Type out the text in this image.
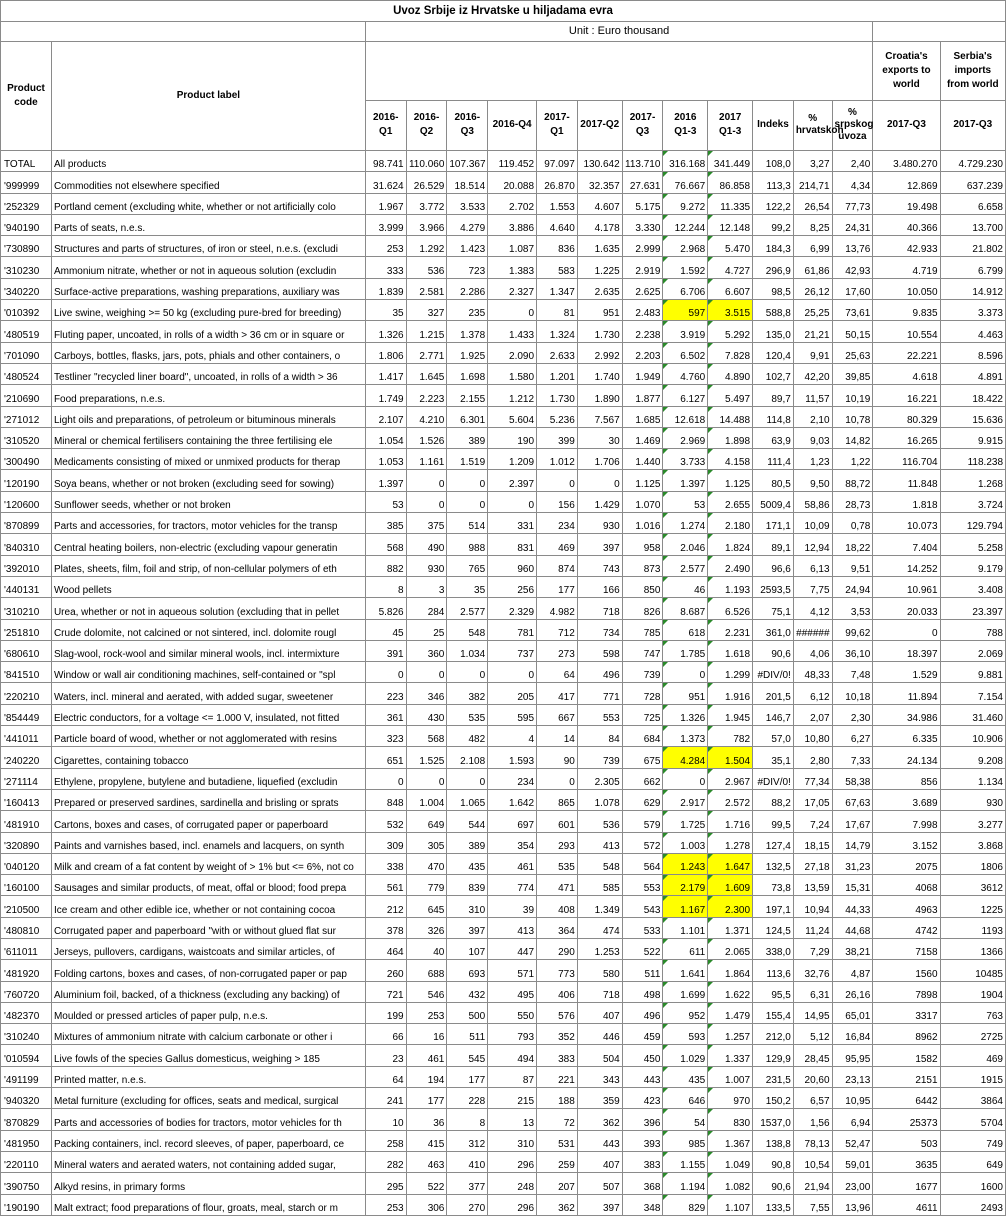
Uvoz Srbije iz Hrvatske u hiljadama evra															
		Unit : Euro thousand													
Product code	Product label													Croatia's exports to world	Serbia's imports from world
		2016-Q1	2016-Q2	2016-Q3	2016-Q4	2017-Q1	2017-Q2	2017-Q3	2016 Q1-3	2017 Q1-3	Indeks	% hrvatskoh	% srpskog uvoza	2017-Q3	2017-Q3
TOTAL	All products	98.741	110.060	107.367	119.452	97.097	130.642	113.710	316.168	341.449	108,0	3,27	2,40	3.480.270	4.729.230
'999999	Commodities not elsewhere specified	31.624	26.529	18.514	20.088	26.870	32.357	27.631	76.667	86.858	113,3	214,71	4,34	12.869	637.239
'252329	Portland cement (excluding white, whether or not artificially colo	1.967	3.772	3.533	2.702	1.553	4.607	5.175	9.272	11.335	122,2	26,54	77,73	19.498	6.658
'940190	Parts of seats, n.e.s.	3.999	3.966	4.279	3.886	4.640	4.178	3.330	12.244	12.148	99,2	8,25	24,31	40.366	13.700
'730890	Structures and parts of structures, of iron or steel, n.e.s. (excludi	253	1.292	1.423	1.087	836	1.635	2.999	2.968	5.470	184,3	6,99	13,76	42.933	21.802
'310230	Ammonium nitrate, whether or not in aqueous solution (excludin	333	536	723	1.383	583	1.225	2.919	1.592	4.727	296,9	61,86	42,93	4.719	6.799
'340220	Surface-active preparations, washing preparations, auxiliary was	1.839	2.581	2.286	2.327	1.347	2.635	2.625	6.706	6.607	98,5	26,12	17,60	10.050	14.912
'010392	Live swine, weighing >= 50 kg (excluding pure-bred for breeding)	35	327	235	0	81	951	2.483	597	3.515	588,8	25,25	73,61	9.835	3.373
'480519	Fluting paper, uncoated, in rolls of a width > 36 cm or in square or	1.326	1.215	1.378	1.433	1.324	1.730	2.238	3.919	5.292	135,0	21,21	50,15	10.554	4.463
'701090	Carboys, bottles, flasks, jars, pots, phials and other containers, o	1.806	2.771	1.925	2.090	2.633	2.992	2.203	6.502	7.828	120,4	9,91	25,63	22.221	8.596
'480524	Testliner "recycled liner board", uncoated, in rolls of a width > 36	1.417	1.645	1.698	1.580	1.201	1.740	1.949	4.760	4.890	102,7	42,20	39,85	4.618	4.891
'210690	Food preparations, n.e.s.	1.749	2.223	2.155	1.212	1.730	1.890	1.877	6.127	5.497	89,7	11,57	10,19	16.221	18.422
'271012	Light oils and preparations, of petroleum or bituminous minerals	2.107	4.210	6.301	5.604	5.236	7.567	1.685	12.618	14.488	114,8	2,10	10,78	80.329	15.636
'310520	Mineral or chemical fertilisers containing the three fertilising ele	1.054	1.526	389	190	399	30	1.469	2.969	1.898	63,9	9,03	14,82	16.265	9.915
'300490	Medicaments consisting of mixed or unmixed products for therap	1.053	1.161	1.519	1.209	1.012	1.706	1.440	3.733	4.158	111,4	1,23	1,22	116.704	118.238
'120190	Soya beans, whether or not broken (excluding seed for sowing)	1.397	0	0	2.397	0	0	1.125	1.397	1.125	80,5	9,50	88,72	11.848	1.268
'120600	Sunflower seeds, whether or not broken	53	0	0	0	156	1.429	1.070	53	2.655	5009,4	58,86	28,73	1.818	3.724
'870899	Parts and accessories, for tractors, motor vehicles for the transp	385	375	514	331	234	930	1.016	1.274	2.180	171,1	10,09	0,78	10.073	129.794
'840310	Central heating boilers, non-electric (excluding vapour generatin	568	490	988	831	469	397	958	2.046	1.824	89,1	12,94	18,22	7.404	5.258
'392010	Plates, sheets, film, foil and strip, of non-cellular polymers of eth	882	930	765	960	874	743	873	2.577	2.490	96,6	6,13	9,51	14.252	9.179
'440131	Wood pellets	8	3	35	256	177	166	850	46	1.193	2593,5	7,75	24,94	10.961	3.408
'310210	Urea, whether or not in aqueous solution (excluding that in pellet	5.826	284	2.577	2.329	4.982	718	826	8.687	6.526	75,1	4,12	3,53	20.033	23.397
'251810	Crude dolomite, not calcined or not sintered, incl. dolomite rougl	45	25	548	781	712	734	785	618	2.231	361,0	######	99,62	0	788
'680610	Slag-wool, rock-wool and similar mineral wools, incl. intermixture	391	360	1.034	737	273	598	747	1.785	1.618	90,6	4,06	36,10	18.397	2.069
'841510	Window or wall air conditioning machines, self-contained or "spl	0	0	0	0	64	496	739	0	1.299	#DIV/0!	48,33	7,48	1.529	9.881
'220210	Waters, incl. mineral and aerated, with added sugar, sweetener	223	346	382	205	417	771	728	951	1.916	201,5	6,12	10,18	11.894	7.154
'854449	Electric conductors, for a voltage <= 1.000 V, insulated, not fitted	361	430	535	595	667	553	725	1.326	1.945	146,7	2,07	2,30	34.986	31.460
'441011	Particle board of wood, whether or not agglomerated with resins	323	568	482	4	14	84	684	1.373	782	57,0	10,80	6,27	6.335	10.906
'240220	Cigarettes, containing tobacco	651	1.525	2.108	1.593	90	739	675	4.284	1.504	35,1	2,80	7,33	24.134	9.208
'271114	Ethylene, propylene, butylene and butadiene, liquefied (excludin	0	0	0	234	0	2.305	662	0	2.967	#DIV/0!	77,34	58,38	856	1.134
'160413	Prepared or preserved sardines, sardinella and brisling or sprats	848	1.004	1.065	1.642	865	1.078	629	2.917	2.572	88,2	17,05	67,63	3.689	930
'481910	Cartons, boxes and cases, of corrugated paper or paperboard	532	649	544	697	601	536	579	1.725	1.716	99,5	7,24	17,67	7.998	3.277
'320890	Paints and varnishes based, incl. enamels and lacquers, on synth	309	305	389	354	293	413	572	1.003	1.278	127,4	18,15	14,79	3.152	3.868
'040120	Milk and cream of a fat content by weight of > 1% but <= 6%, not co	338	470	435	461	535	548	564	1.243	1.647	132,5	27,18	31,23	2075	1806
'160100	Sausages and similar products, of meat, offal or blood; food prepa	561	779	839	774	471	585	553	2.179	1.609	73,8	13,59	15,31	4068	3612
'210500	Ice cream and other edible ice, whether or not containing cocoa	212	645	310	39	408	1.349	543	1.167	2.300	197,1	10,94	44,33	4963	1225
'480810	Corrugated paper and paperboard "with or without glued flat sur	378	326	397	413	364	474	533	1.101	1.371	124,5	11,24	44,68	4742	1193
'611011	Jerseys, pullovers, cardigans, waistcoats and similar articles, of	464	40	107	447	290	1.253	522	611	2.065	338,0	7,29	38,21	7158	1366
'481920	Folding cartons, boxes and cases, of non-corrugated paper or pap	260	688	693	571	773	580	511	1.641	1.864	113,6	32,76	4,87	1560	10485
'760720	Aluminium foil, backed, of a thickness (excluding any backing) of	721	546	432	495	406	718	498	1.699	1.622	95,5	6,31	26,16	7898	1904
'482370	Moulded or pressed articles of paper pulp, n.e.s.	199	253	500	550	576	407	496	952	1.479	155,4	14,95	65,01	3317	763
'310240	Mixtures of ammonium nitrate with calcium carbonate or other i	66	16	511	793	352	446	459	593	1.257	212,0	5,12	16,84	8962	2725
'010594	Live fowls of the species Gallus domesticus, weighing > 185	23	461	545	494	383	504	450	1.029	1.337	129,9	28,45	95,95	1582	469
'491199	Printed matter, n.e.s.	64	194	177	87	221	343	443	435	1.007	231,5	20,60	23,13	2151	1915
'940320	Metal furniture (excluding for offices, seats and medical, surgical	241	177	228	215	188	359	423	646	970	150,2	6,57	10,95	6442	3864
'870829	Parts and accessories of bodies for tractors, motor vehicles for th	10	36	8	13	72	362	396	54	830	1537,0	1,56	6,94	25373	5704
'481950	Packing containers, incl. record sleeves, of paper, paperboard, ce	258	415	312	310	531	443	393	985	1.367	138,8	78,13	52,47	503	749
'220110	Mineral waters and aerated waters, not containing added sugar,	282	463	410	296	259	407	383	1.155	1.049	90,8	10,54	59,01	3635	649
'390750	Alkyd resins, in primary forms	295	522	377	248	207	507	368	1.194	1.082	90,6	21,94	23,00	1677	1600
'190190	Malt extract; food preparations of flour, groats, meal, starch or m	253	306	270	296	362	397	348	829	1.107	133,5	7,55	13,96	4611	2493
